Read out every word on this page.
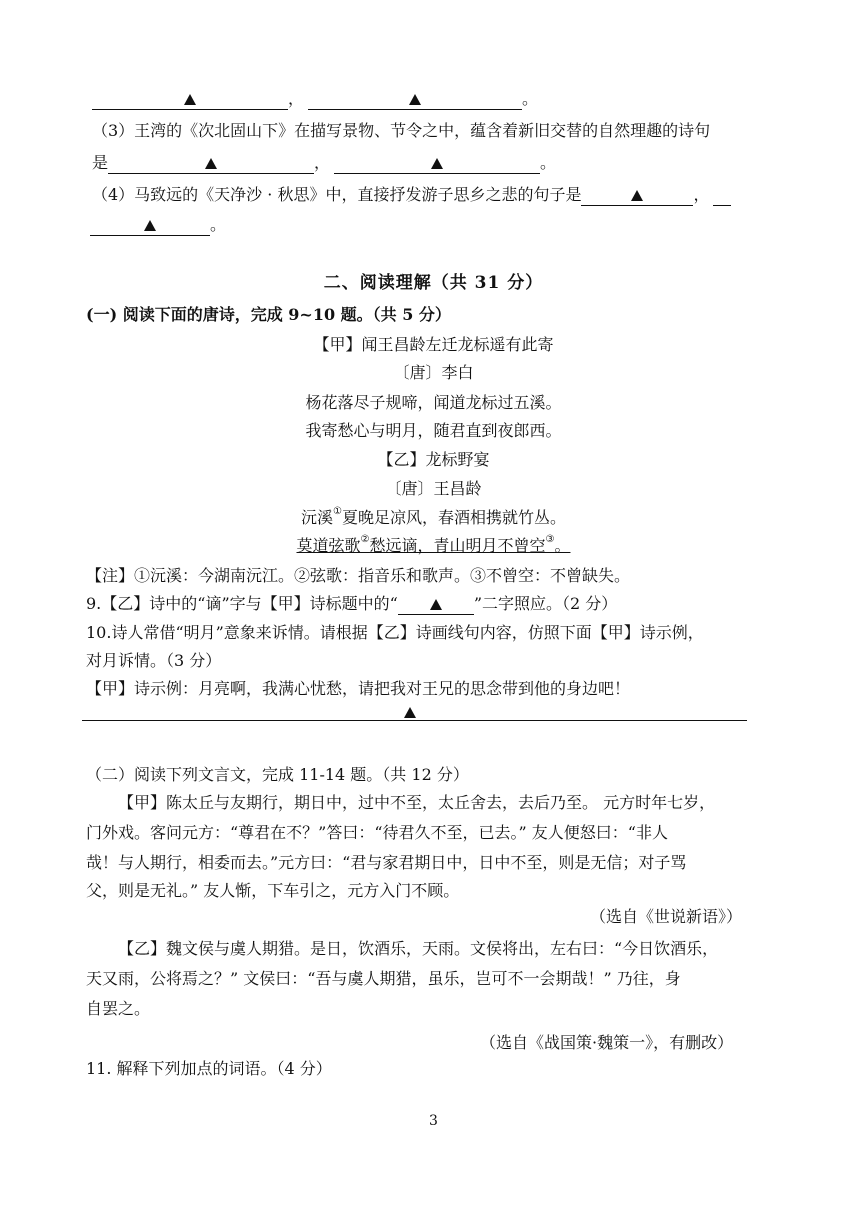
，	。
（3）王湾的《次北固山下》在描写景物、节令之中，蕴含着新旧交替的自然理趣的诗句
是	，	。
（4）马致远的《天净沙 · 秋思》中，直接抒发游子思乡之悲的句子是	，
。
二、阅读理解（共 31 分）
(一) 阅读下面的唐诗，完成 9~10 题。（共 5 分）
【甲】闻王昌龄左迁龙标遥有此寄
〔唐〕李白
杨花落尽子规啼，闻道龙标过五溪。
我寄愁心与明月，随君直到夜郎西。
【乙】龙标野宴
〔唐〕王昌龄
沅溪①夏晚足凉风，春酒相携就竹丛。
莫道弦歌②愁远谪，青山明月不曾空③。
【注】①沅溪：今湖南沅江。②弦歌：指音乐和歌声。③不曾空：不曾缺失。
9.【乙】诗中的“谪”字与【甲】诗标题中的“	”二字照应。（2 分）
10.诗人常借“明月”意象来诉情。请根据【乙】诗画线句内容，仿照下面【甲】诗示例，
对月诉情。（3 分）
【甲】诗示例：月亮啊，我满心忧愁，请把我对王兄的思念带到他的身边吧！
（二）阅读下列文言文，完成 11-14 题。（共 12 分）
【甲】陈太丘与友期行，期日中，过中不至，太丘舍去，去后乃至。 元方时年七岁，
门外戏。客问元方：“尊君在不？”答曰：“待君久不至，已去。” 友人便怒曰：“非人
哉！与人期行，相委而去。”元方曰：“君与家君期日中，日中不至，则是无信；对子骂
父，则是无礼。” 友人惭，下车引之，元方入门不顾。
（选自《世说新语》）
【乙】魏文侯与虞人期猎。是日，饮酒乐，天雨。文侯将出，左右曰：“今日饮酒乐，
天又雨，公将焉之？” 文侯曰：“吾与虞人期猎，虽乐，岂可不一会期哉！” 乃往，身
自罢之。
（选自《战国策·魏策一》，有删改）
11. 解释下列加点的词语。（4 分）
3
